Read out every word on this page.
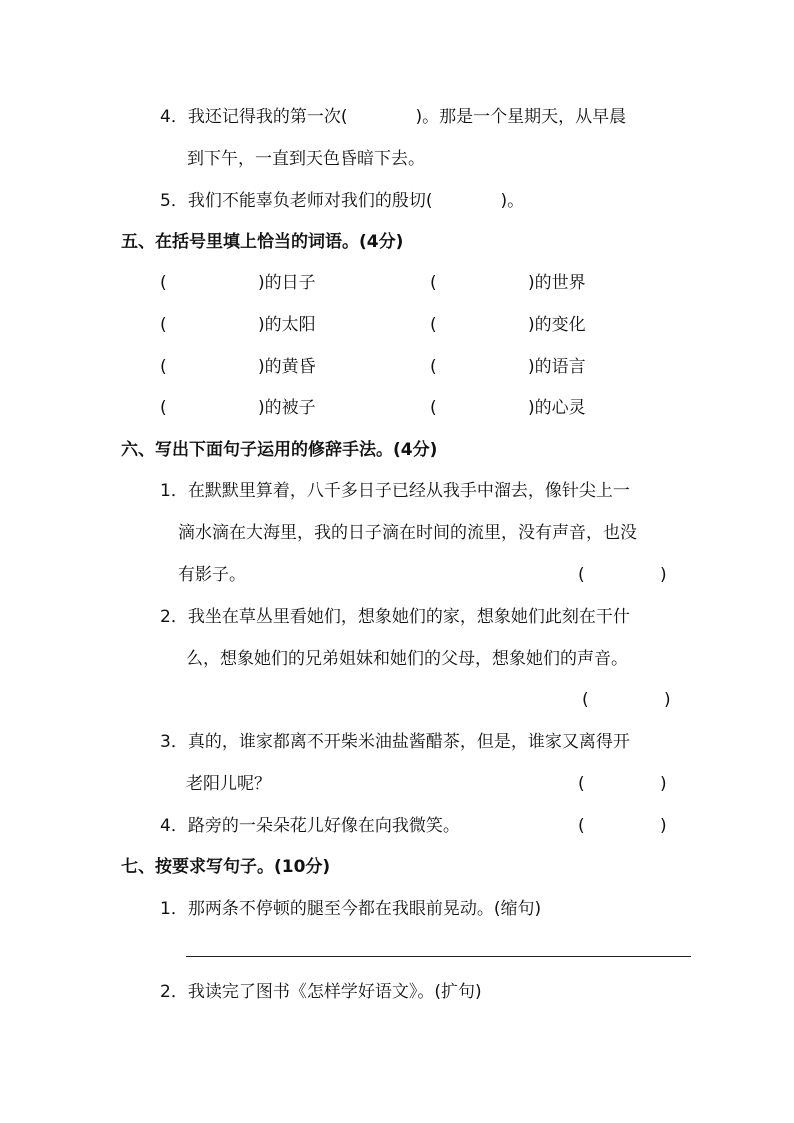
4．我还记得我的第一次(　　　　)。那是一个星期天，从早晨
到下午，一直到天色昏暗下去。
5．我们不能辜负老师对我们的殷切(　　　　)。
五、在括号里填上恰当的词语。(4分)
(	)的日子	(	)的世界
(	)的太阳	(	)的变化
(	)的黄昏	(	)的语言
(	)的被子	(	)的心灵
六、写出下面句子运用的修辞手法。(4分)
1．在默默里算着，八千多日子已经从我手中溜去，像针尖上一
滴水滴在大海里，我的日子滴在时间的流里，没有声音，也没
有影子。	(	)
2．我坐在草丛里看她们，想象她们的家，想象她们此刻在干什
么，想象她们的兄弟姐妹和她们的父母，想象她们的声音。
(	)
3．真的，谁家都离不开柴米油盐酱醋茶，但是，谁家又离得开
老阳儿呢？	(	)
4．路旁的一朵朵花儿好像在向我微笑。	(	)
七、按要求写句子。(10分)
1．那两条不停顿的腿至今都在我眼前晃动。(缩句)
2．我读完了图书《怎样学好语文》。(扩句)
